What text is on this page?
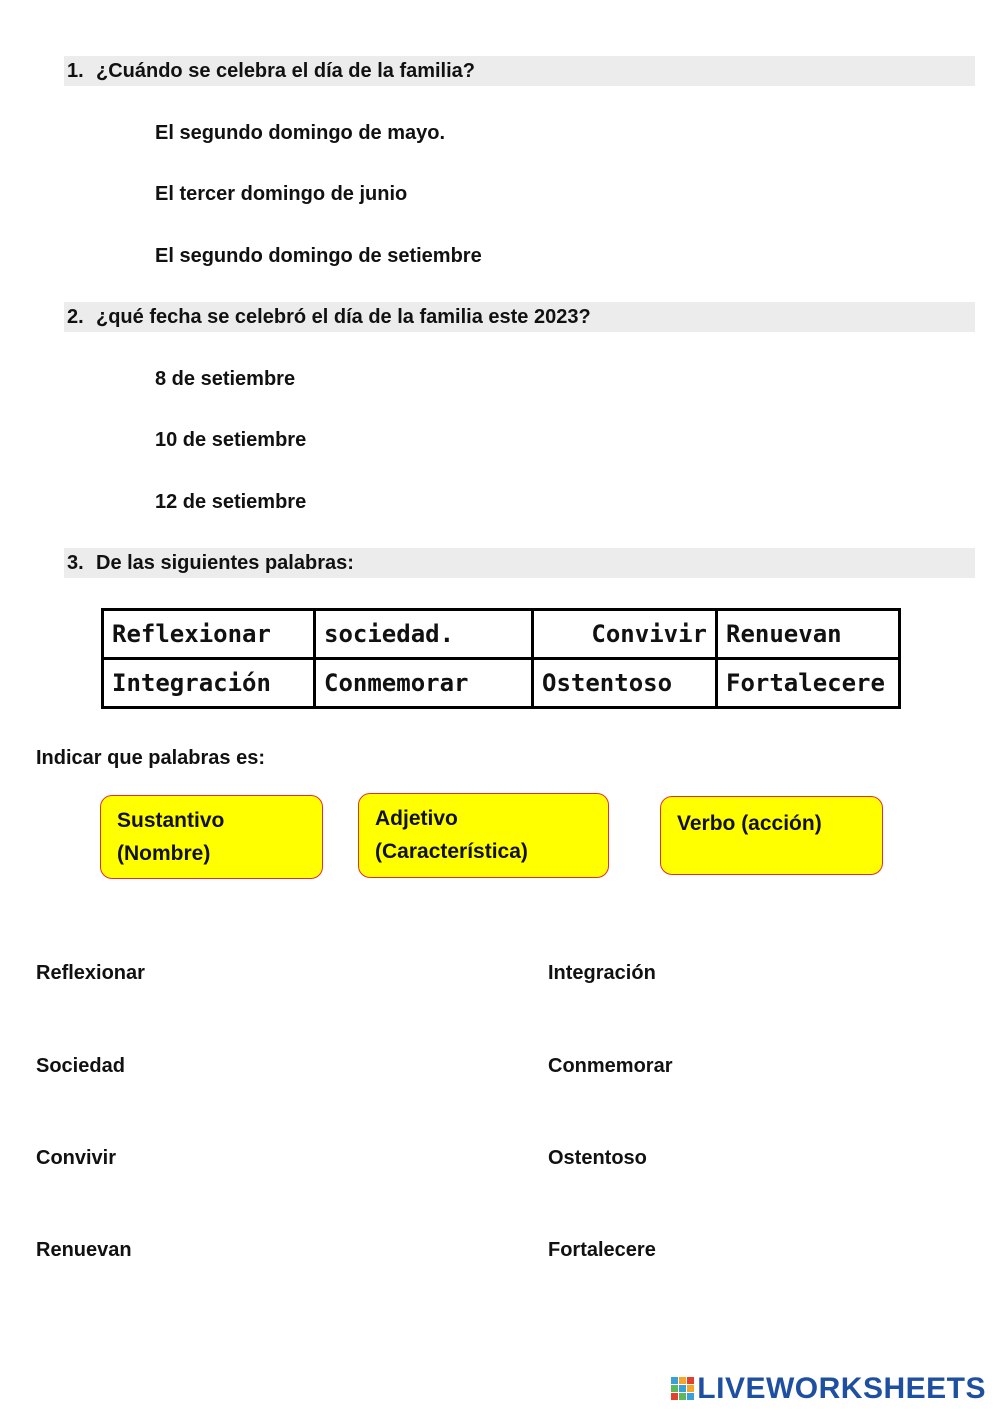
1. ¿Cuándo se celebra el día de la familia?
El segundo domingo de mayo.
El tercer domingo de junio
El segundo domingo de setiembre
2. ¿qué fecha se celebró el día de la familia este 2023?
8 de setiembre
10 de setiembre
12 de setiembre
3. De las siguientes palabras:
Reflexionar	sociedad.	Convivir	Renuevan
Integración	Conmemorar	Ostentoso	Fortalecere
Indicar que palabras es:
Sustantivo
(Nombre)
Adjetivo
(Característica)
Verbo (acción)
Reflexionar
Sociedad
Convivir
Renuevan
Integración
Conmemorar
Ostentoso
Fortalecere
LIVEWORKSHEETS
